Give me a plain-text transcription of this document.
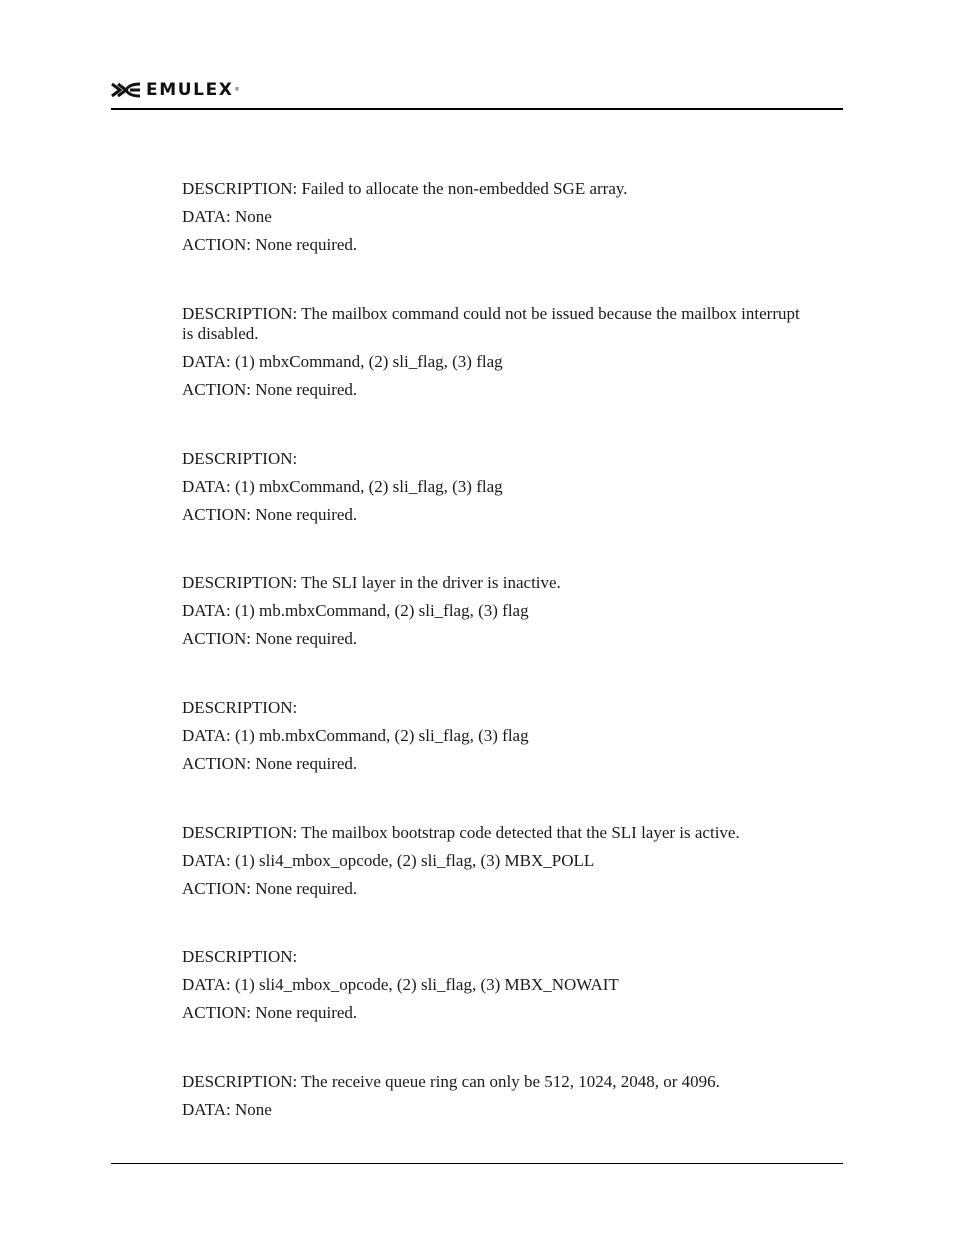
EMULEX ®

DESCRIPTION: Failed to allocate the non-embedded SGE array.

DATA: None

ACTION: None required.

DESCRIPTION: The mailbox command could not be issued because the mailbox interrupt is disabled.

DATA: (1) mbxCommand, (2) sli_flag, (3) flag

ACTION: None required.

DESCRIPTION:

DATA: (1) mbxCommand, (2) sli_flag, (3) flag

ACTION: None required.

DESCRIPTION: The SLI layer in the driver is inactive.

DATA: (1) mb.mbxCommand, (2) sli_flag, (3) flag

ACTION: None required.

DESCRIPTION:

DATA: (1) mb.mbxCommand, (2) sli_flag, (3) flag

ACTION: None required.

DESCRIPTION: The mailbox bootstrap code detected that the SLI layer is active.

DATA: (1) sli4_mbox_opcode, (2) sli_flag, (3) MBX_POLL

ACTION: None required.

DESCRIPTION:

DATA: (1) sli4_mbox_opcode, (2) sli_flag, (3) MBX_NOWAIT

ACTION: None required.

DESCRIPTION: The receive queue ring can only be 512, 1024, 2048, or 4096.

DATA: None
